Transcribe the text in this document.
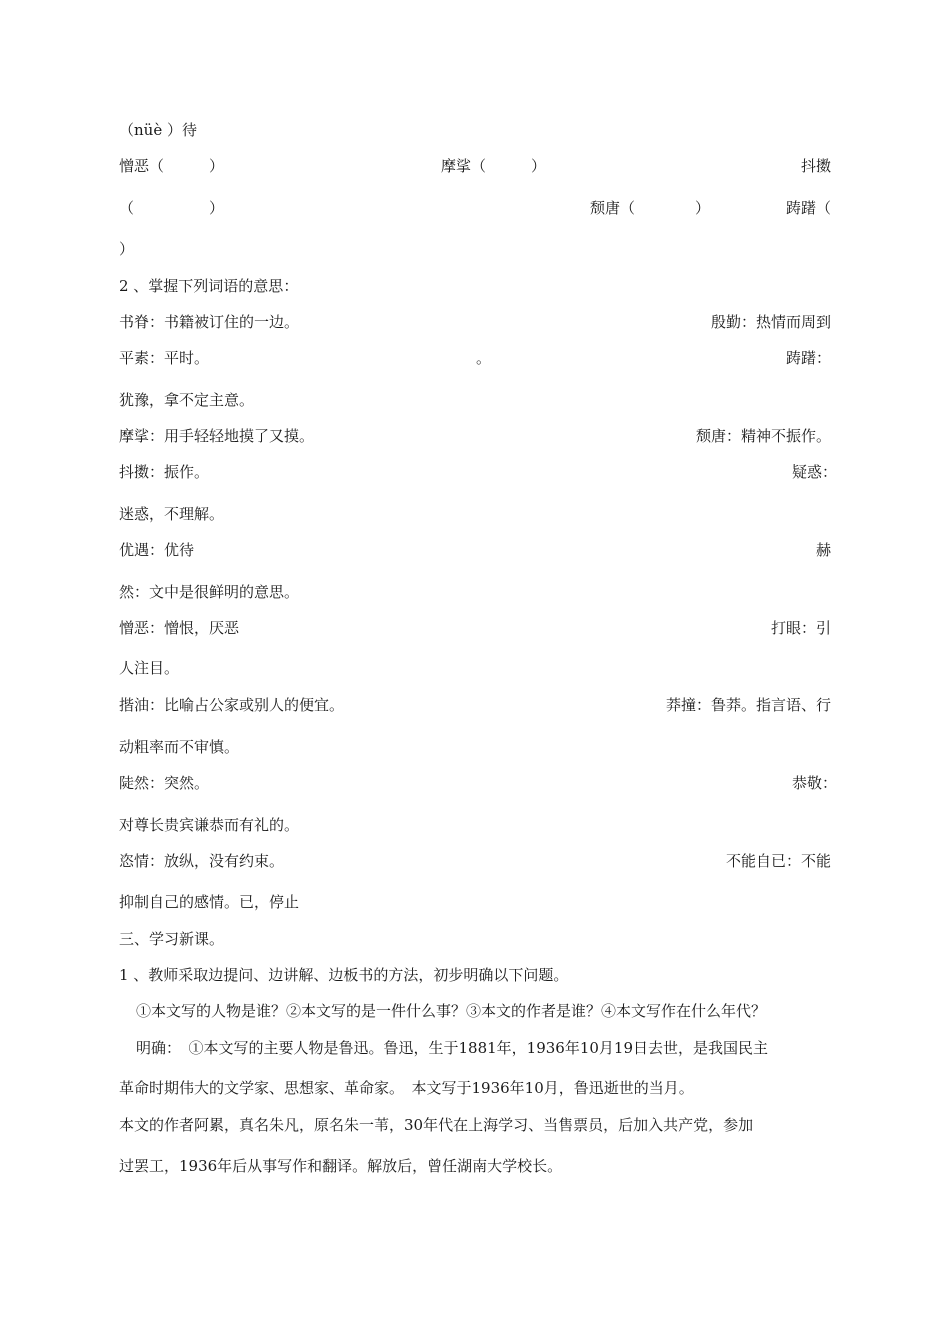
（nüè ）待
憎恶（　　　）	摩挲（　　　）	抖擞
（　　　　　）	颓唐（　　　　）	踌躇（
）
2 、掌握下列词语的意思：
书脊：书籍被订住的一边。	殷勤：热情而周到
平素：平时。	。	踌躇：
犹豫，拿不定主意。
摩挲：用手轻轻地摸了又摸。	颓唐：精神不振作。
抖擞：振作。	疑惑：
迷惑，不理解。
优遇：优待	赫
然：文中是很鲜明的意思。
憎恶：憎恨，厌恶	打眼：引
人注目。
揩油：比喻占公家或别人的便宜。	莽撞：鲁莽。指言语、行
动粗率而不审慎。
陡然：突然。	恭敬：
对尊长贵宾谦恭而有礼的。
恣情：放纵，没有约束。	不能自已：不能
抑制自己的感情。已，停止
三、学习新课。
1 、教师采取边提问、边讲解、边板书的方法，初步明确以下问题。
①本文写的人物是谁？②本文写的是一件什么事？③本文的作者是谁？④本文写作在什么年代？
明确：　①本文写的主要人物是鲁迅。鲁迅，生于1881年，1936年10月19日去世，是我国民主
革命时期伟大的文学家、思想家、革命家。　本文写于1936年10月，鲁迅逝世的当月。
本文的作者阿累，真名朱凡，原名朱一苇，30年代在上海学习、当售票员，后加入共产党，参加
过罢工，1936年后从事写作和翻译。解放后，曾任湖南大学校长。
